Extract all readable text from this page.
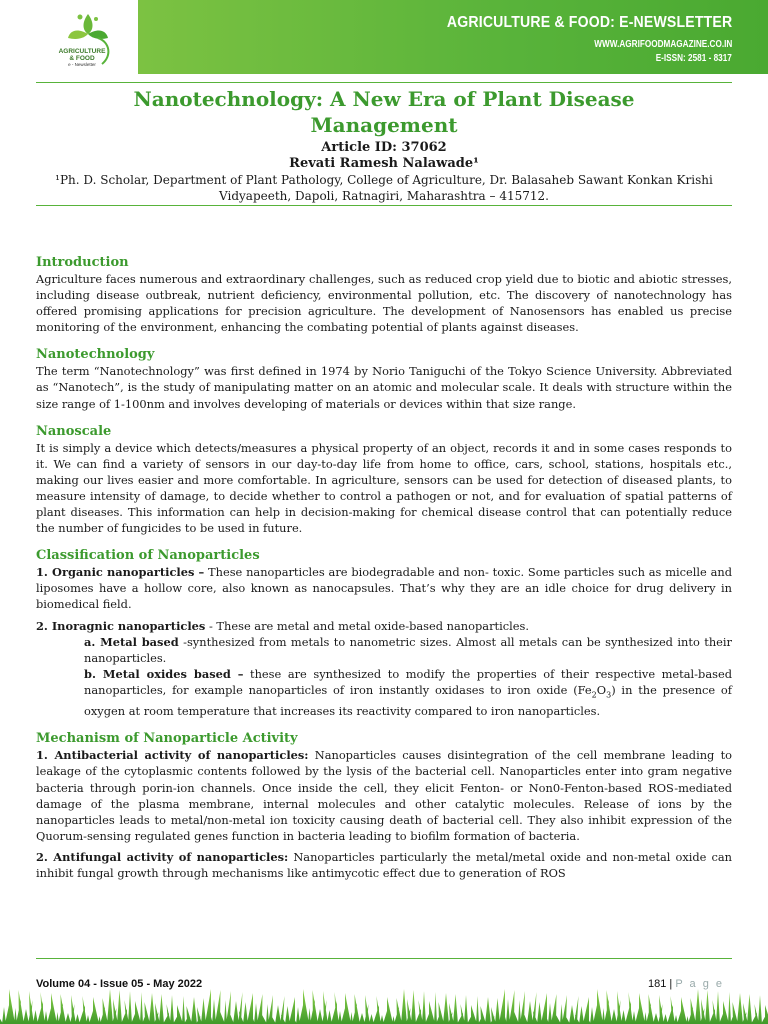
AGRICULTURE
& FOOD
e - Newsletter
AGRICULTURE & FOOD: E-NEWSLETTER
WWW.AGRIFOODMAGAZINE.CO.IN
E-ISSN: 2581 - 8317
Nanotechnology: A New Era of Plant Disease Management
Article ID: 37062
Revati Ramesh Nalawade¹
¹Ph. D. Scholar, Department of Plant Pathology, College of Agriculture, Dr. Balasaheb Sawant Konkan Krishi Vidyapeeth, Dapoli, Ratnagiri, Maharashtra – 415712.
Introduction

Agriculture faces numerous and extraordinary challenges, such as reduced crop yield due to biotic and abiotic stresses, including disease outbreak, nutrient deficiency, environmental pollution, etc. The discovery of nanotechnology has offered promising applications for precision agriculture. The development of Nanosensors has enabled us precise monitoring of the environment, enhancing the combating potential of plants against diseases.

Nanotechnology

The term “Nanotechnology” was first defined in 1974 by Norio Taniguchi of the Tokyo Science University. Abbreviated as “Nanotech”, is the study of manipulating matter on an atomic and molecular scale. It deals with structure within the size range of 1-100nm and involves developing of materials or devices within that size range.

Nanoscale

It is simply a device which detects/measures a physical property of an object, records it and in some cases responds to it. We can find a variety of sensors in our day-to-day life from home to office, cars, school, stations, hospitals etc., making our lives easier and more comfortable. In agriculture, sensors can be used for detection of diseased plants, to measure intensity of damage, to decide whether to control a pathogen or not, and for evaluation of spatial patterns of plant diseases. This information can help in decision-making for chemical disease control that can potentially reduce the number of fungicides to be used in future.

Classification of Nanoparticles

1. Organic nanoparticles – These nanoparticles are biodegradable and non- toxic. Some particles such as micelle and liposomes have a hollow core, also known as nanocapsules. That’s why they are an idle choice for drug delivery in biomedical field.

2. Inoragnic nanoparticles - These are metal and metal oxide-based nanoparticles.

a. Metal based -synthesized from metals to nanometric sizes. Almost all metals can be synthesized into their nanoparticles.

b. Metal oxides based – these are synthesized to modify the properties of their respective metal-based nanoparticles, for example nanoparticles of iron instantly oxidases to iron oxide $(Fe_2O_3)$ in the presence of oxygen at room temperature that increases its reactivity compared to iron nanoparticles.

Mechanism of Nanoparticle Activity

1. Antibacterial activity of nanoparticles: Nanoparticles causes disintegration of the cell membrane leading to leakage of the cytoplasmic contents followed by the lysis of the bacterial cell. Nanoparticles enter into gram negative bacteria through porin-ion channels. Once inside the cell, they elicit Fenton- or Non0-Fenton-based ROS-mediated damage of the plasma membrane, internal molecules and other catalytic molecules. Release of ions by the nanoparticles leads to metal/non-metal ion toxicity causing death of bacterial cell. They also inhibit expression of the Quorum-sensing regulated genes function in bacteria leading to biofilm formation of bacteria.

2. Antifungal activity of nanoparticles: Nanoparticles particularly the metal/metal oxide and non-metal oxide can inhibit fungal growth through mechanisms like antimycotic effect due to generation of ROS

Volume 04 - Issue 05 - May 2022	181 | P a g e
